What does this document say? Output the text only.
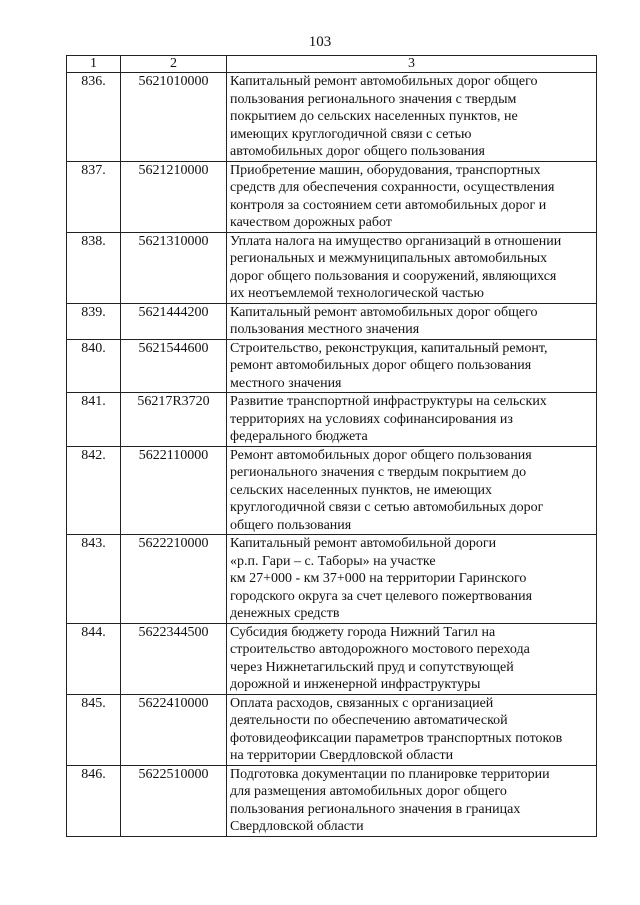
103
1	2	3
836.	5621010000	Капитальный ремонт автомобильных дорог общего
пользования регионального значения с твердым
покрытием до сельских населенных пунктов, не
имеющих круглогодичной связи с сетью
автомобильных дорог общего пользования

837.	5621210000	Приобретение машин, оборудования, транспортных
средств для обеспечения сохранности, осуществления
контроля за состоянием сети автомобильных дорог и
качеством дорожных работ

838.	5621310000	Уплата налога на имущество организаций в отношении
региональных и межмуниципальных автомобильных
дорог общего пользования и сооружений, являющихся
их неотъемлемой технологической частью

839.	5621444200	Капитальный ремонт автомобильных дорог общего
пользования местного значения

840.	5621544600	Строительство, реконструкция, капитальный ремонт,
ремонт автомобильных дорог общего пользования
местного значения

841.	56217R3720	Развитие транспортной инфраструктуры на сельских
территориях на условиях софинансирования из
федерального бюджета

842.	5622110000	Ремонт автомобильных дорог общего пользования
регионального значения с твердым покрытием до
сельских населенных пунктов, не имеющих
круглогодичной связи с сетью автомобильных дорог
общего пользования

843.	5622210000	Капитальный ремонт автомобильной дороги
«р.п. Гари – с. Таборы» на участке
км 27+000 - км 37+000 на территории Гаринского
городского округа за счет целевого пожертвования
денежных средств

844.	5622344500	Субсидия бюджету города Нижний Тагил на
строительство автодорожного мостового перехода
через Нижнетагильский пруд и сопутствующей
дорожной и инженерной инфраструктуры

845.	5622410000	Оплата расходов, связанных с организацией
деятельности по обеспечению автоматической
фотовидеофиксации параметров транспортных потоков
на территории Свердловской области

846.	5622510000	Подготовка документации по планировке территории
для размещения автомобильных дорог общего
пользования регионального значения в границах
Свердловской области
